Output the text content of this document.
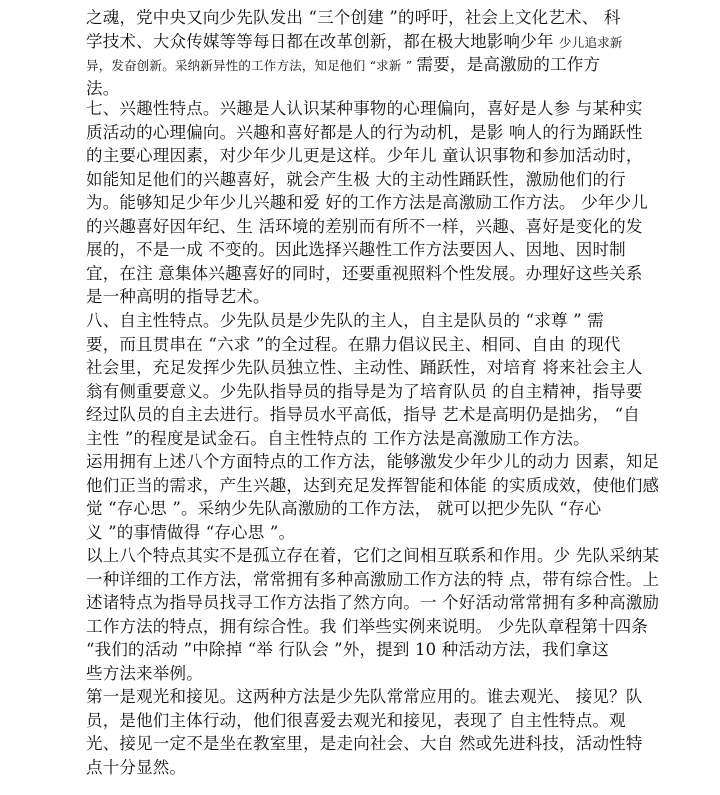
之魂，党中央又向少先队发出 “三个创建 ”的呼吁，社会上文化艺术、 科
学技术、大众传媒等等每日都在改革创新，都在极大地影响少年 少儿追求新
异，发奋创新。采纳新异性的工作方法，知足他们 “求新 ” 需要，是高激励的工作方
法。
七、兴趣性特点。兴趣是人认识某种事物的心理偏向，喜好是人参 与某种实
质活动的心理偏向。兴趣和喜好都是人的行为动机，是影 响人的行为踊跃性
的主要心理因素，对少年少儿更是这样。少年儿 童认识事物和参加活动时，
如能知足他们的兴趣喜好，就会产生极 大的主动性踊跃性，激励他们的行
为。能够知足少年少儿兴趣和爱 好的工作方法是高激励工作方法。 少年少儿
的兴趣喜好因年纪、生 活环境的差别而有所不一样，兴趣、喜好是变化的发
展的，不是一成 不变的。因此选择兴趣性工作方法要因人、因地、因时制
宜，在注 意集体兴趣喜好的同时，还要重视照料个性发展。办理好这些关系
是一种高明的指导艺术。
八、自主性特点。少先队员是少先队的主人，自主是队员的 “求尊 ” 需
要，而且贯串在 “六求 ”的全过程。在鼎力倡议民主、相同、自由 的现代
社会里，充足发挥少先队员独立性、主动性、踊跃性，对培育 将来社会主人
翁有侧重要意义。少先队指导员的指导是为了培育队员 的自主精神，指导要
经过队员的自主去进行。指导员水平高低，指导 艺术是高明仍是拙劣， “自
主性 ”的程度是试金石。自主性特点的 工作方法是高激励工作方法。
运用拥有上述八个方面特点的工作方法，能够激发少年少儿的动力 因素，知足
他们正当的需求，产生兴趣，达到充足发挥智能和体能 的实质成效，使他们感
觉 “存心思 ”。采纳少先队高激励的工作方法， 就可以把少先队 “存心
义 ”的事情做得 “存心思 ”。
以上八个特点其实不是孤立存在着，它们之间相互联系和作用。少 先队采纳某
一种详细的工作方法，常常拥有多种高激励工作方法的特 点，带有综合性。上
述诸特点为指导员找寻工作方法指了然方向。一 个好活动常常拥有多种高激励
工作方法的特点，拥有综合性。我 们举些实例来说明。 少先队章程第十四条
“我们的活动 ”中除掉 “举 行队会 ”外，提到 10 种活动方法，我们拿这
些方法来举例。
第一是观光和接见。这两种方法是少先队常常应用的。谁去观光、 接见？队
员，是他们主体行动，他们很喜爱去观光和接见，表现了 自主性特点。观
光、接见一定不是坐在教室里，是走向社会、大自 然或先进科技，活动性特
点十分显然。
